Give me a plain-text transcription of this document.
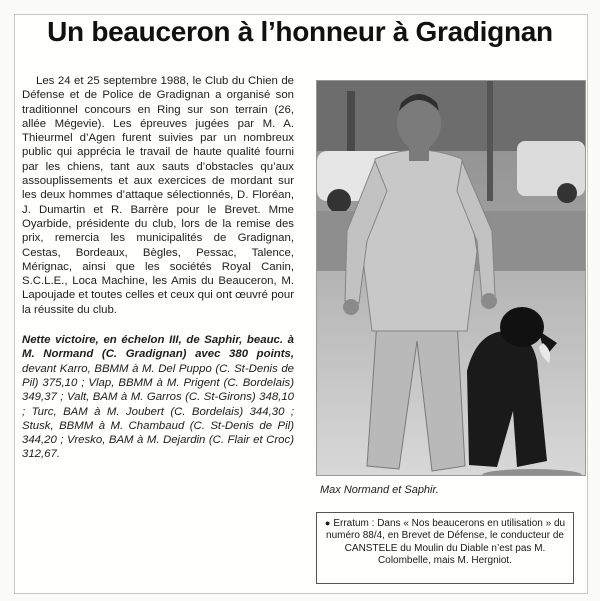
Un beauceron à l’honneur à Gradignan

Les 24 et 25 septembre 1988, le Club du Chien de Défense et de Police de Gradignan a organisé son traditionnel concours en Ring sur son terrain (26, allée Mégevie). Les épreuves jugées par M. A. Thieurmel d’Agen furent suivies par un nombreux public qui apprécia le travail de haute qualité fourni par les chiens, tant aux sauts d’obstacles qu’aux assouplissements et aux exercices de mordant sur les deux hommes d’attaque sélectionnés, D. Floréan, J. Dumartin et R. Barrère pour le Brevet. Mme Oyarbide, présidente du club, lors de la remise des prix, remercia les municipalités de Gradignan, Cestas, Bordeaux, Bègles, Pessac, Talence, Mérignac, ainsi que les sociétés Royal Canin, S.C.L.E., Loca Machine, les Amis du Beauceron, M. Lapoujade et toutes celles et ceux qui ont œuvré pour la réussite du club.

Nette victoire, en échelon III, de Saphir, beauc. à M. Normand (C. Gradignan) avec 380 points, devant Karro, BBMM à M. Del Puppo (C. St-Denis de Pil) 375,10 ; Vlap, BBMM à M. Prigent (C. Bordelais) 349,37 ; Valt, BAM à M. Garros (C. St-Girons) 348,10 ; Turc, BAM à M. Joubert (C. Bordelais) 344,30 ; Stusk, BBMM à M. Chambaud (C. St-Denis de Pil) 344,20 ; Vresko, BAM à M. Dejardin (C. Flair et Croc) 312,67.

Max Normand et Saphir.
● Erratum : Dans « Nos beaucerons en utilisation » du numéro 88/4, en Brevet de Défense, le conducteur de CANSTELE du Moulin du Diable n’est pas M. Colombelle, mais M. Hergniot.
